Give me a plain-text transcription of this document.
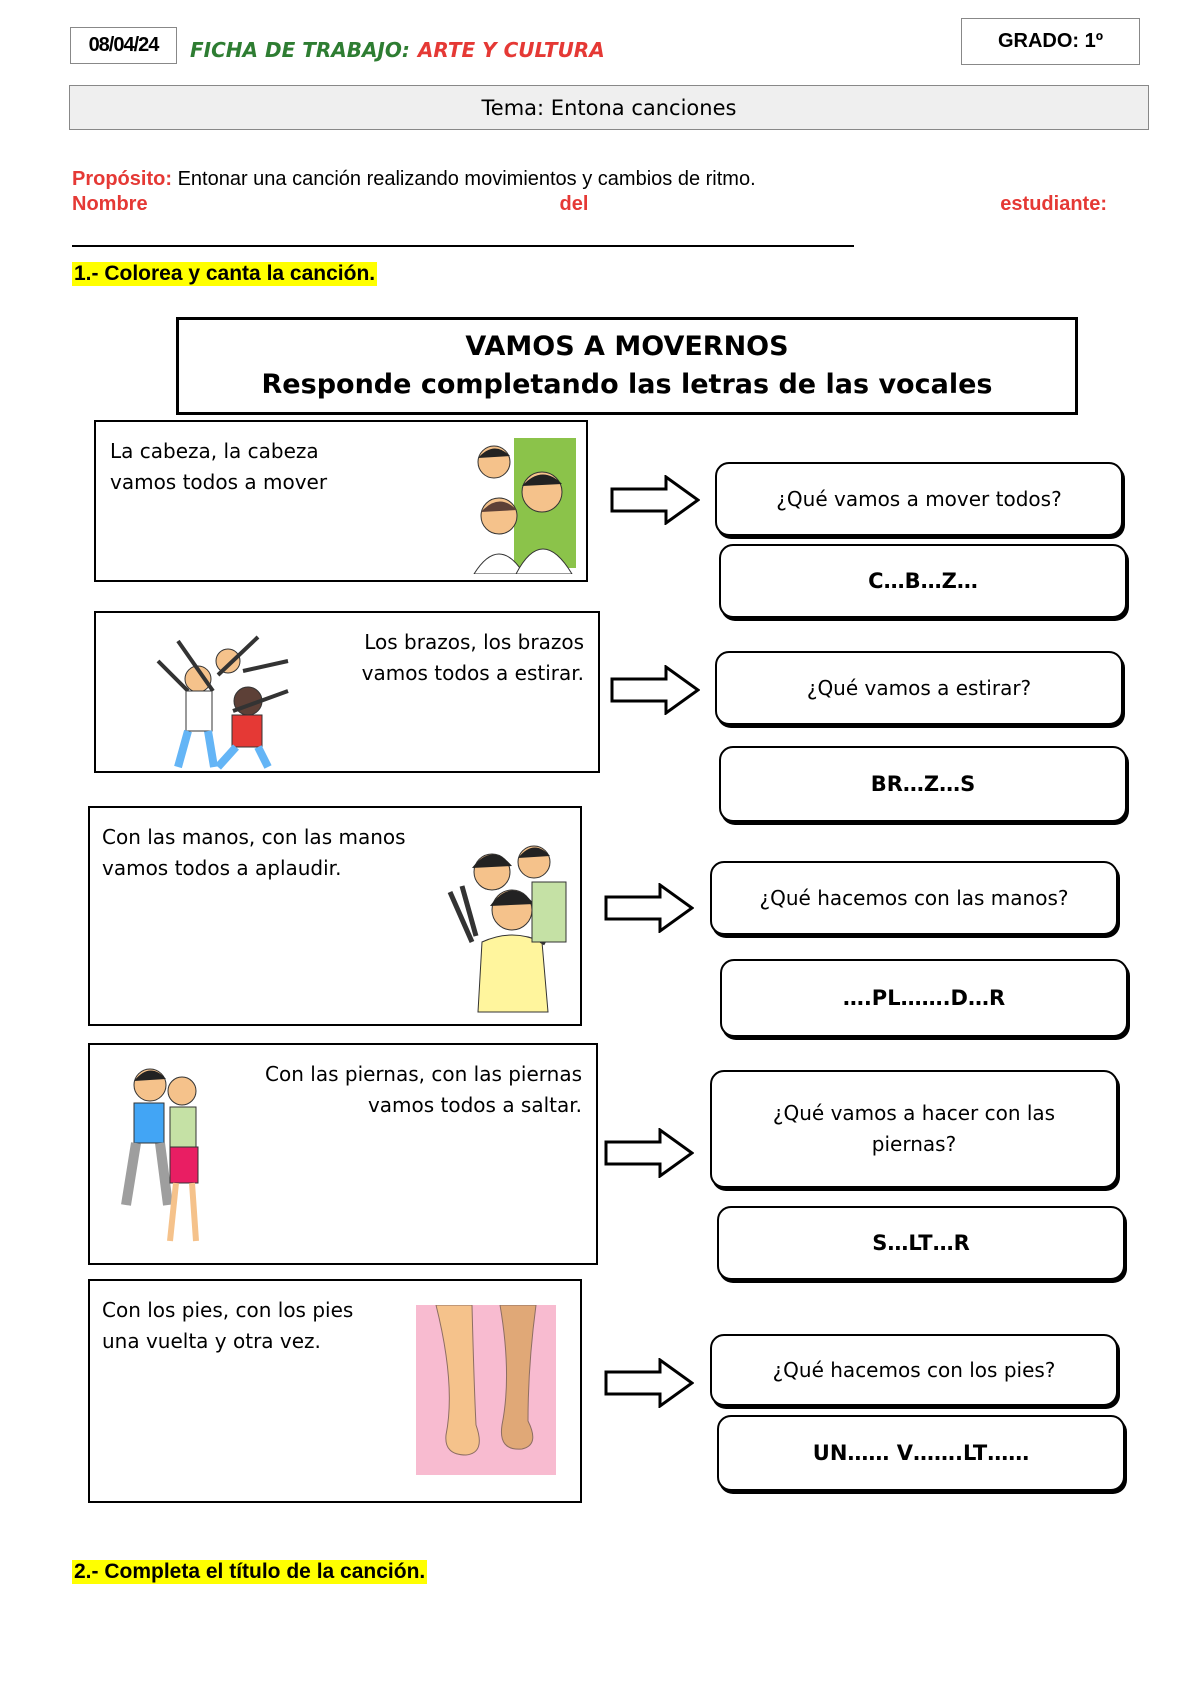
08/04/24	FICHA DE TRABAJO: ARTE Y CULTURA	GRADO: 1º
Tema: Entona canciones
Propósito: Entonar una canción realizando movimientos y cambios de ritmo.
Nombre	del	estudiante:
1.- Colorea y canta la canción.
VAMOS A MOVERNOS
Responde completando las letras de las vocales
La cabeza, la cabeza
vamos todos a mover
¿Qué vamos a mover todos?
C…B…Z…
Los brazos, los brazos
vamos todos a estirar.
¿Qué vamos a estirar?
BR…Z…S
Con las manos, con las manos
vamos todos a aplaudir.
¿Qué hacemos con las manos?
….PL…….D…R
Con las piernas, con las piernas
vamos todos a saltar.	¿Qué vamos a hacer con las piernas?
S…LT…R
Con los pies, con los pies
una vuelta y otra vez.
¿Qué hacemos con los pies?
UN…… V…….LT……
2.- Completa el título de la canción.
